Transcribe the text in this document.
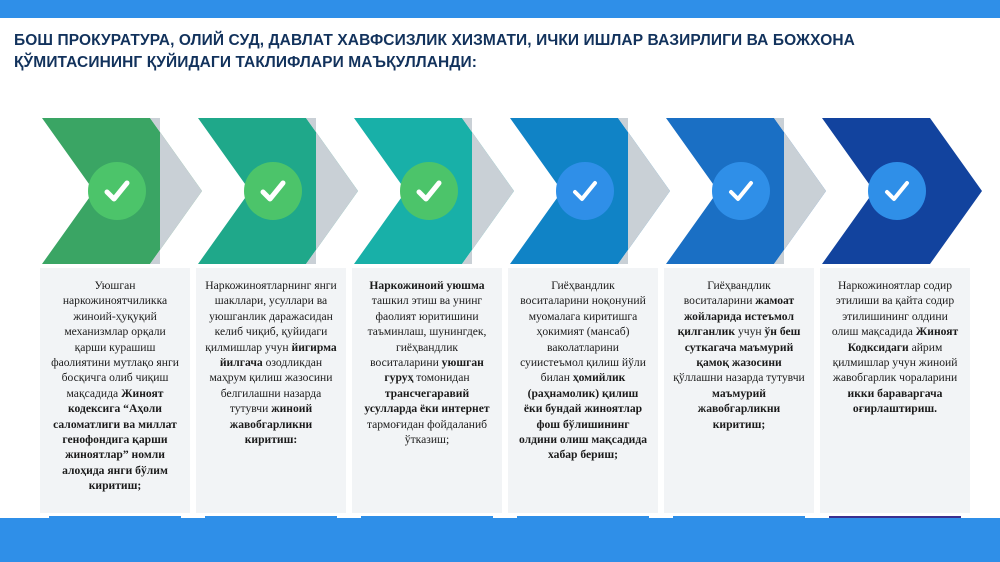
БОШ ПРОКУРАТУРА, ОЛИЙ СУД, ДАВЛАТ ХАВФСИЗЛИК ХИЗМАТИ, ИЧКИ ИШЛАР ВАЗИРЛИГИ ВА БОЖХОНА ҚЎМИТАСИНИНГ ҚУЙИДАГИ ТАКЛИФЛАРИ МАЪҚУЛЛАНДИ:

Уюшган наркожиноятчиликка жиноий-ҳуқуқий механизмлар орқали қарши курашиш фаолиятини мутлақо янги босқичга олиб чиқиш мақсадида Жиноят кодексига “Аҳоли саломатлиги ва миллат генофондига қарши жиноятлар” номли алоҳида янги бўлим киритиш;

Наркожиноятларнинг янги шакллари, усуллари ва уюшганлик даражасидан келиб чиқиб, қуйидаги қилмишлар учун йигирма йилгача озодликдан маҳрум қилиш жазосини белгилашни назарда тутувчи жиноий жавобгарликни киритиш:

Наркожиноий уюшма ташкил этиш ва унинг фаолият юритишини таъминлаш, шунингдек, гиёҳвандлик воситаларини уюшган гуруҳ томонидан трансчегаравий усулларда ёки интернет тармоғидан фойдаланиб ўтказиш;

Гиёҳвандлик воситаларини ноқонуний муомалага киритишга ҳокимият (мансаб) ваколатларини суиистеъмол қилиш йўли билан ҳомийлик (раҳнамолик) қилиш ёки бундай жиноятлар фош бўлишининг олдини олиш мақсадида хабар бериш;

Гиёҳвандлик воситаларини жамоат жойларида истеъмол қилганлик учун ўн беш суткагача маъмурий қамоқ жазосини қўллашни назарда тутувчи маъмурий жавобгарликни киритиш;

Наркожиноятлар содир этилиши ва қайта содир этилишининг олдини олиш мақсадида Жиноят Кодксидаги айрим қилмишлар учун жиноий жавобгарлик чораларини икки бараваргача оғирлаштириш.
